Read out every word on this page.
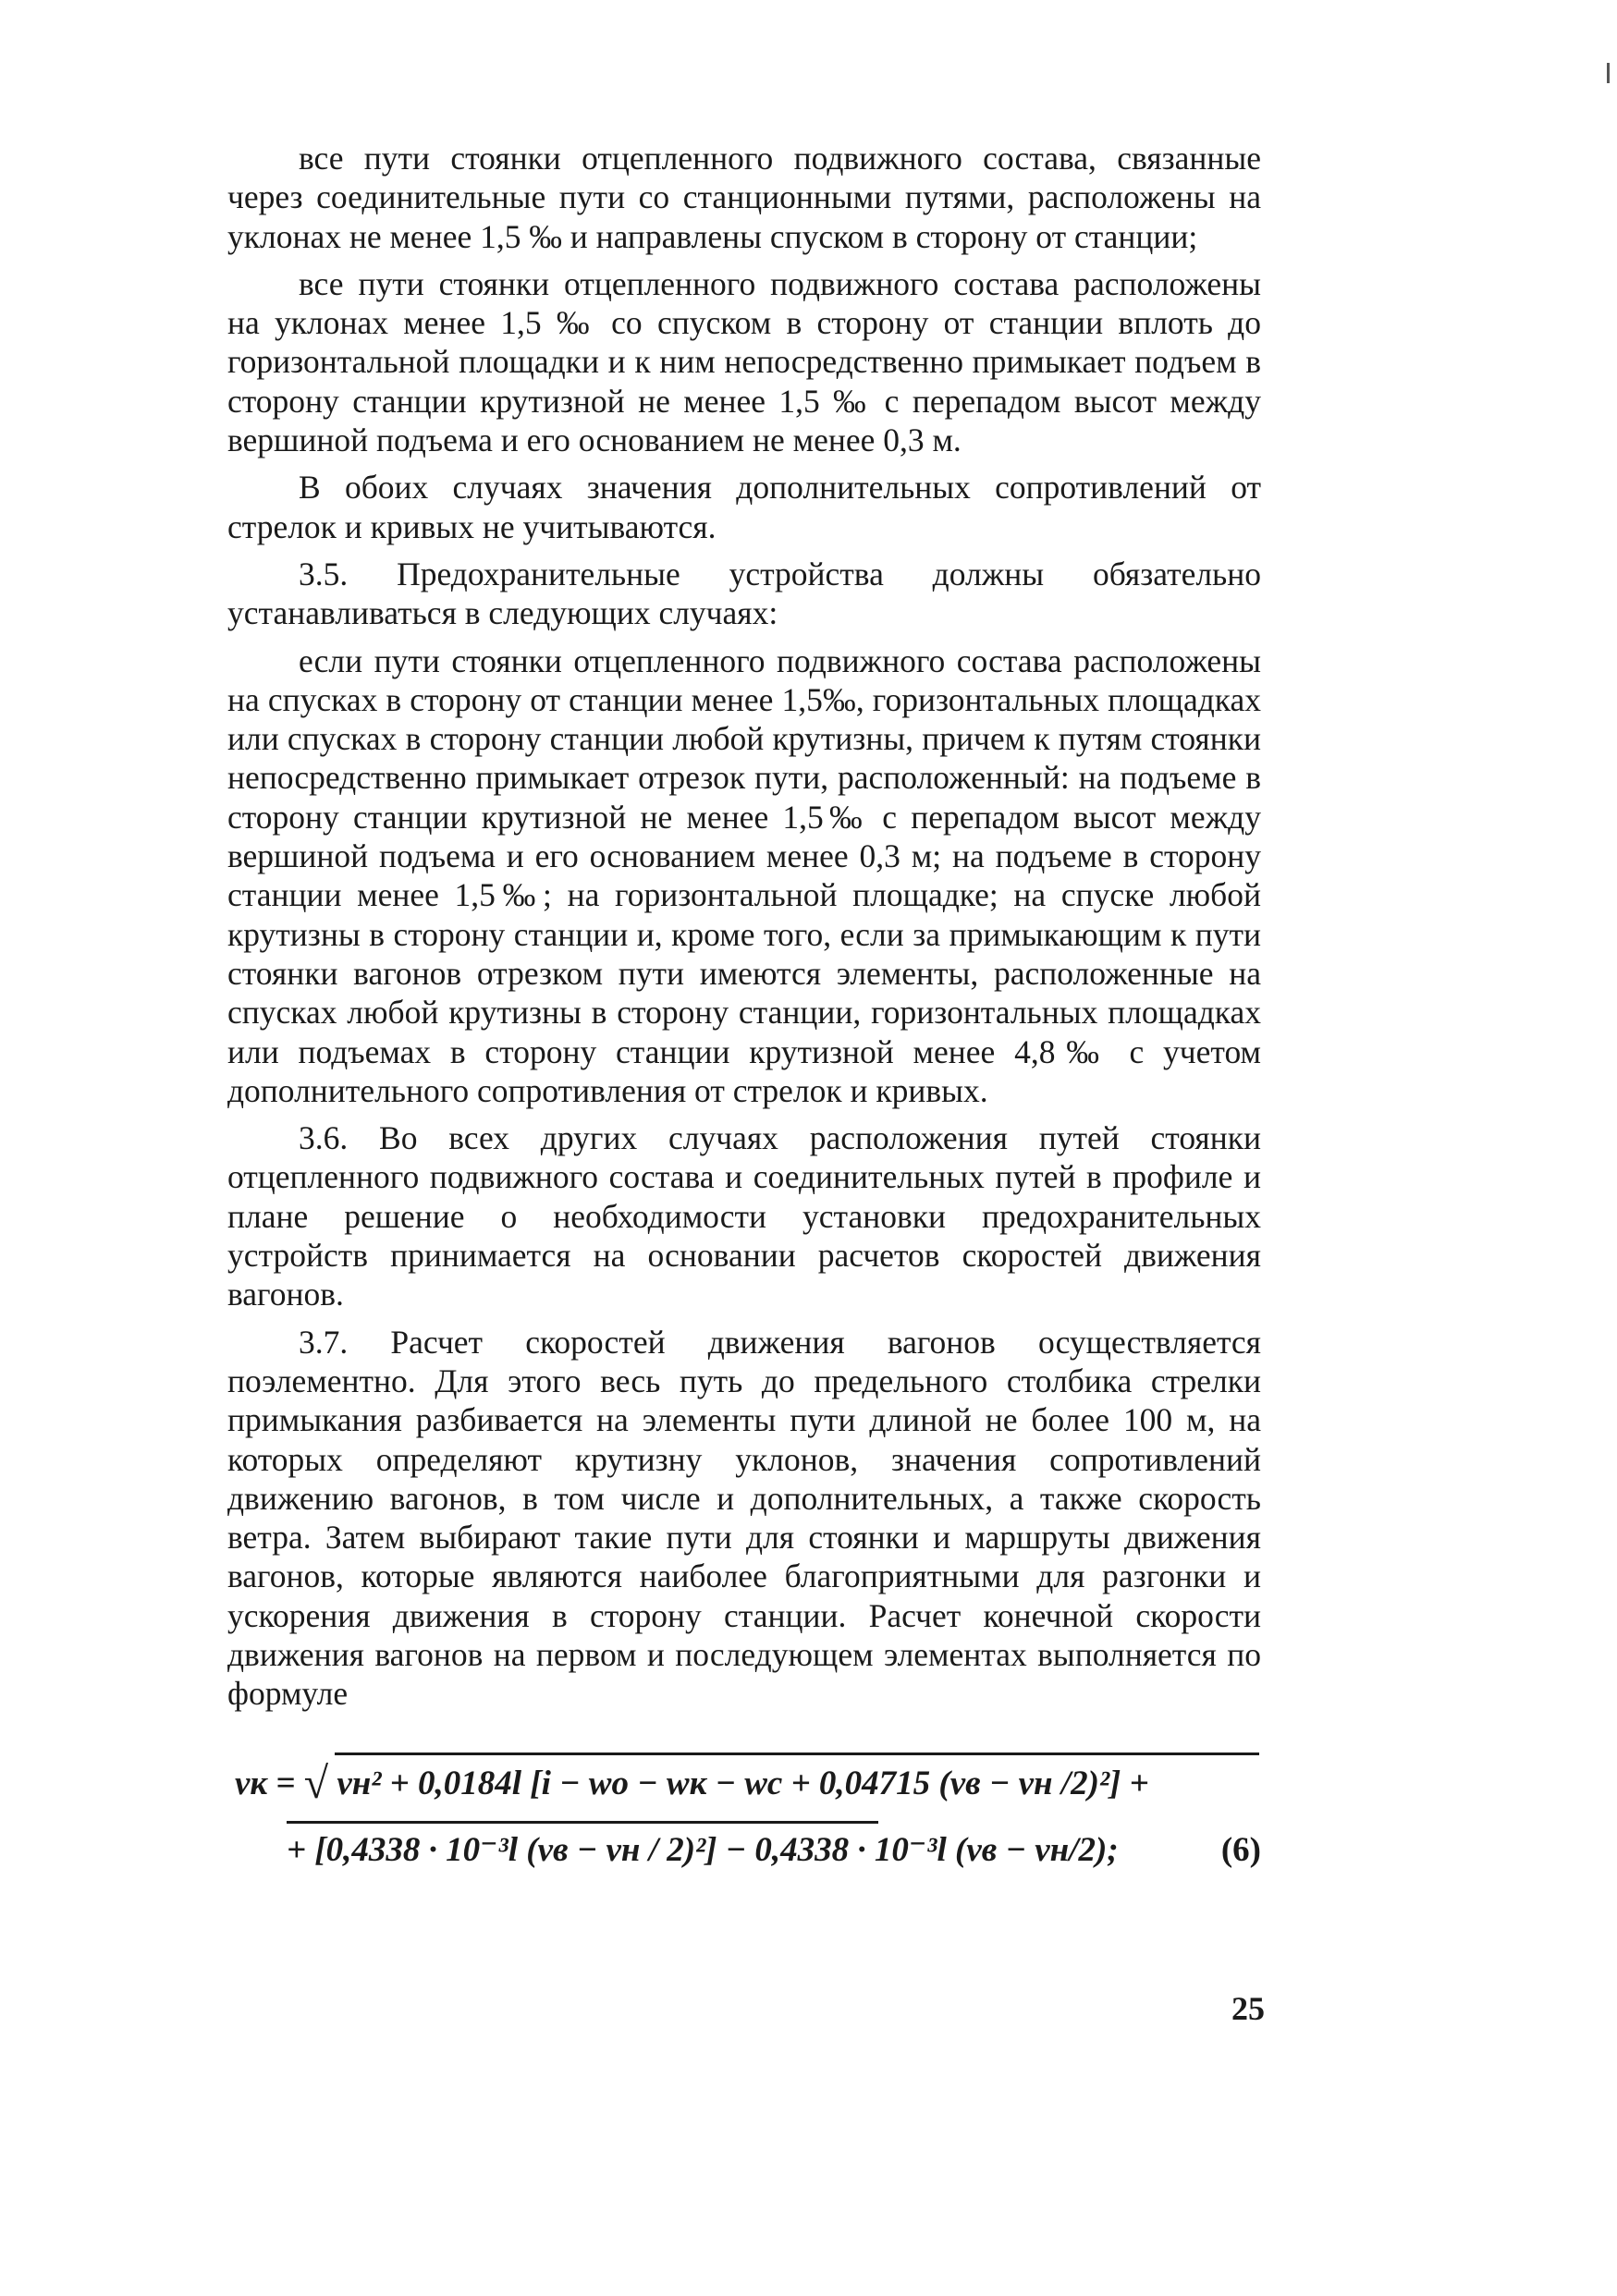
все пути стоянки отцепленного подвижного состава, связанные через соединительные пути со станционными путями, расположены на уклонах не менее 1,5 ‰ и направлены спуском в сторону от станции;

все пути стоянки отцепленного подвижного состава расположены на уклонах менее 1,5 ‰ со спуском в сторону от станции вплоть до горизонтальной площадки и к ним непосредственно примыкает подъем в сторону станции крутизной не менее 1,5 ‰ с перепадом высот между вершиной подъема и его основанием не менее 0,3 м.

В обоих случаях значения дополнительных сопротивлений от стрелок и кривых не учитываются.

3.5. Предохранительные устройства должны обязательно устанавливаться в следующих случаях:

если пути стоянки отцепленного подвижного состава расположены на спусках в сторону от станции менее 1,5‰, горизонтальных площадках или спусках в сторону станции любой крутизны, причем к путям стоянки непосредственно примыкает отрезок пути, расположенный: на подъеме в сторону станции крутизной не менее 1,5‰ с перепадом высот между вершиной подъема и его основанием менее 0,3 м; на подъеме в сторону станции менее 1,5‰; на горизонтальной площадке; на спуске любой крутизны в сторону станции и, кроме того, если за примыкающим к пути стоянки вагонов отрезком пути имеются элементы, расположенные на спусках любой крутизны в сторону станции, горизонтальных площадках или подъемах в сторону станции крутизной менее 4,8‰ с учетом дополнительного сопротивления от стрелок и кривых.

3.6. Во всех других случаях расположения путей стоянки отцепленного подвижного состава и соединительных путей в профиле и плане решение о необходимости установки предохранительных устройств принимается на основании расчетов скоростей движения вагонов.

3.7. Расчет скоростей движения вагонов осуществляется поэлементно. Для этого весь путь до предельного столбика стрелки примыкания разбивается на элементы пути длиной не более 100 м, на которых определяют крутизну уклонов, значения сопротивлений движению вагонов, в том числе и дополнительных, а также скорость ветра. Затем выбирают такие пути для стоянки и маршруты движения вагонов, которые являются наиболее благоприятными для разгонки и ускорения движения в сторону станции. Расчет конечной скорости движения вагонов на первом и последующем элементах выполняется по формуле

vк = √ vн² + 0,0184l [i − wо − wк − wс + 0,04715 (vв − vн /2)²] +
+ [0,4338 · 10⁻³l (vв − vн / 2)²] − 0,4338 · 10⁻³l (vв − vн/2);	(6)
25
